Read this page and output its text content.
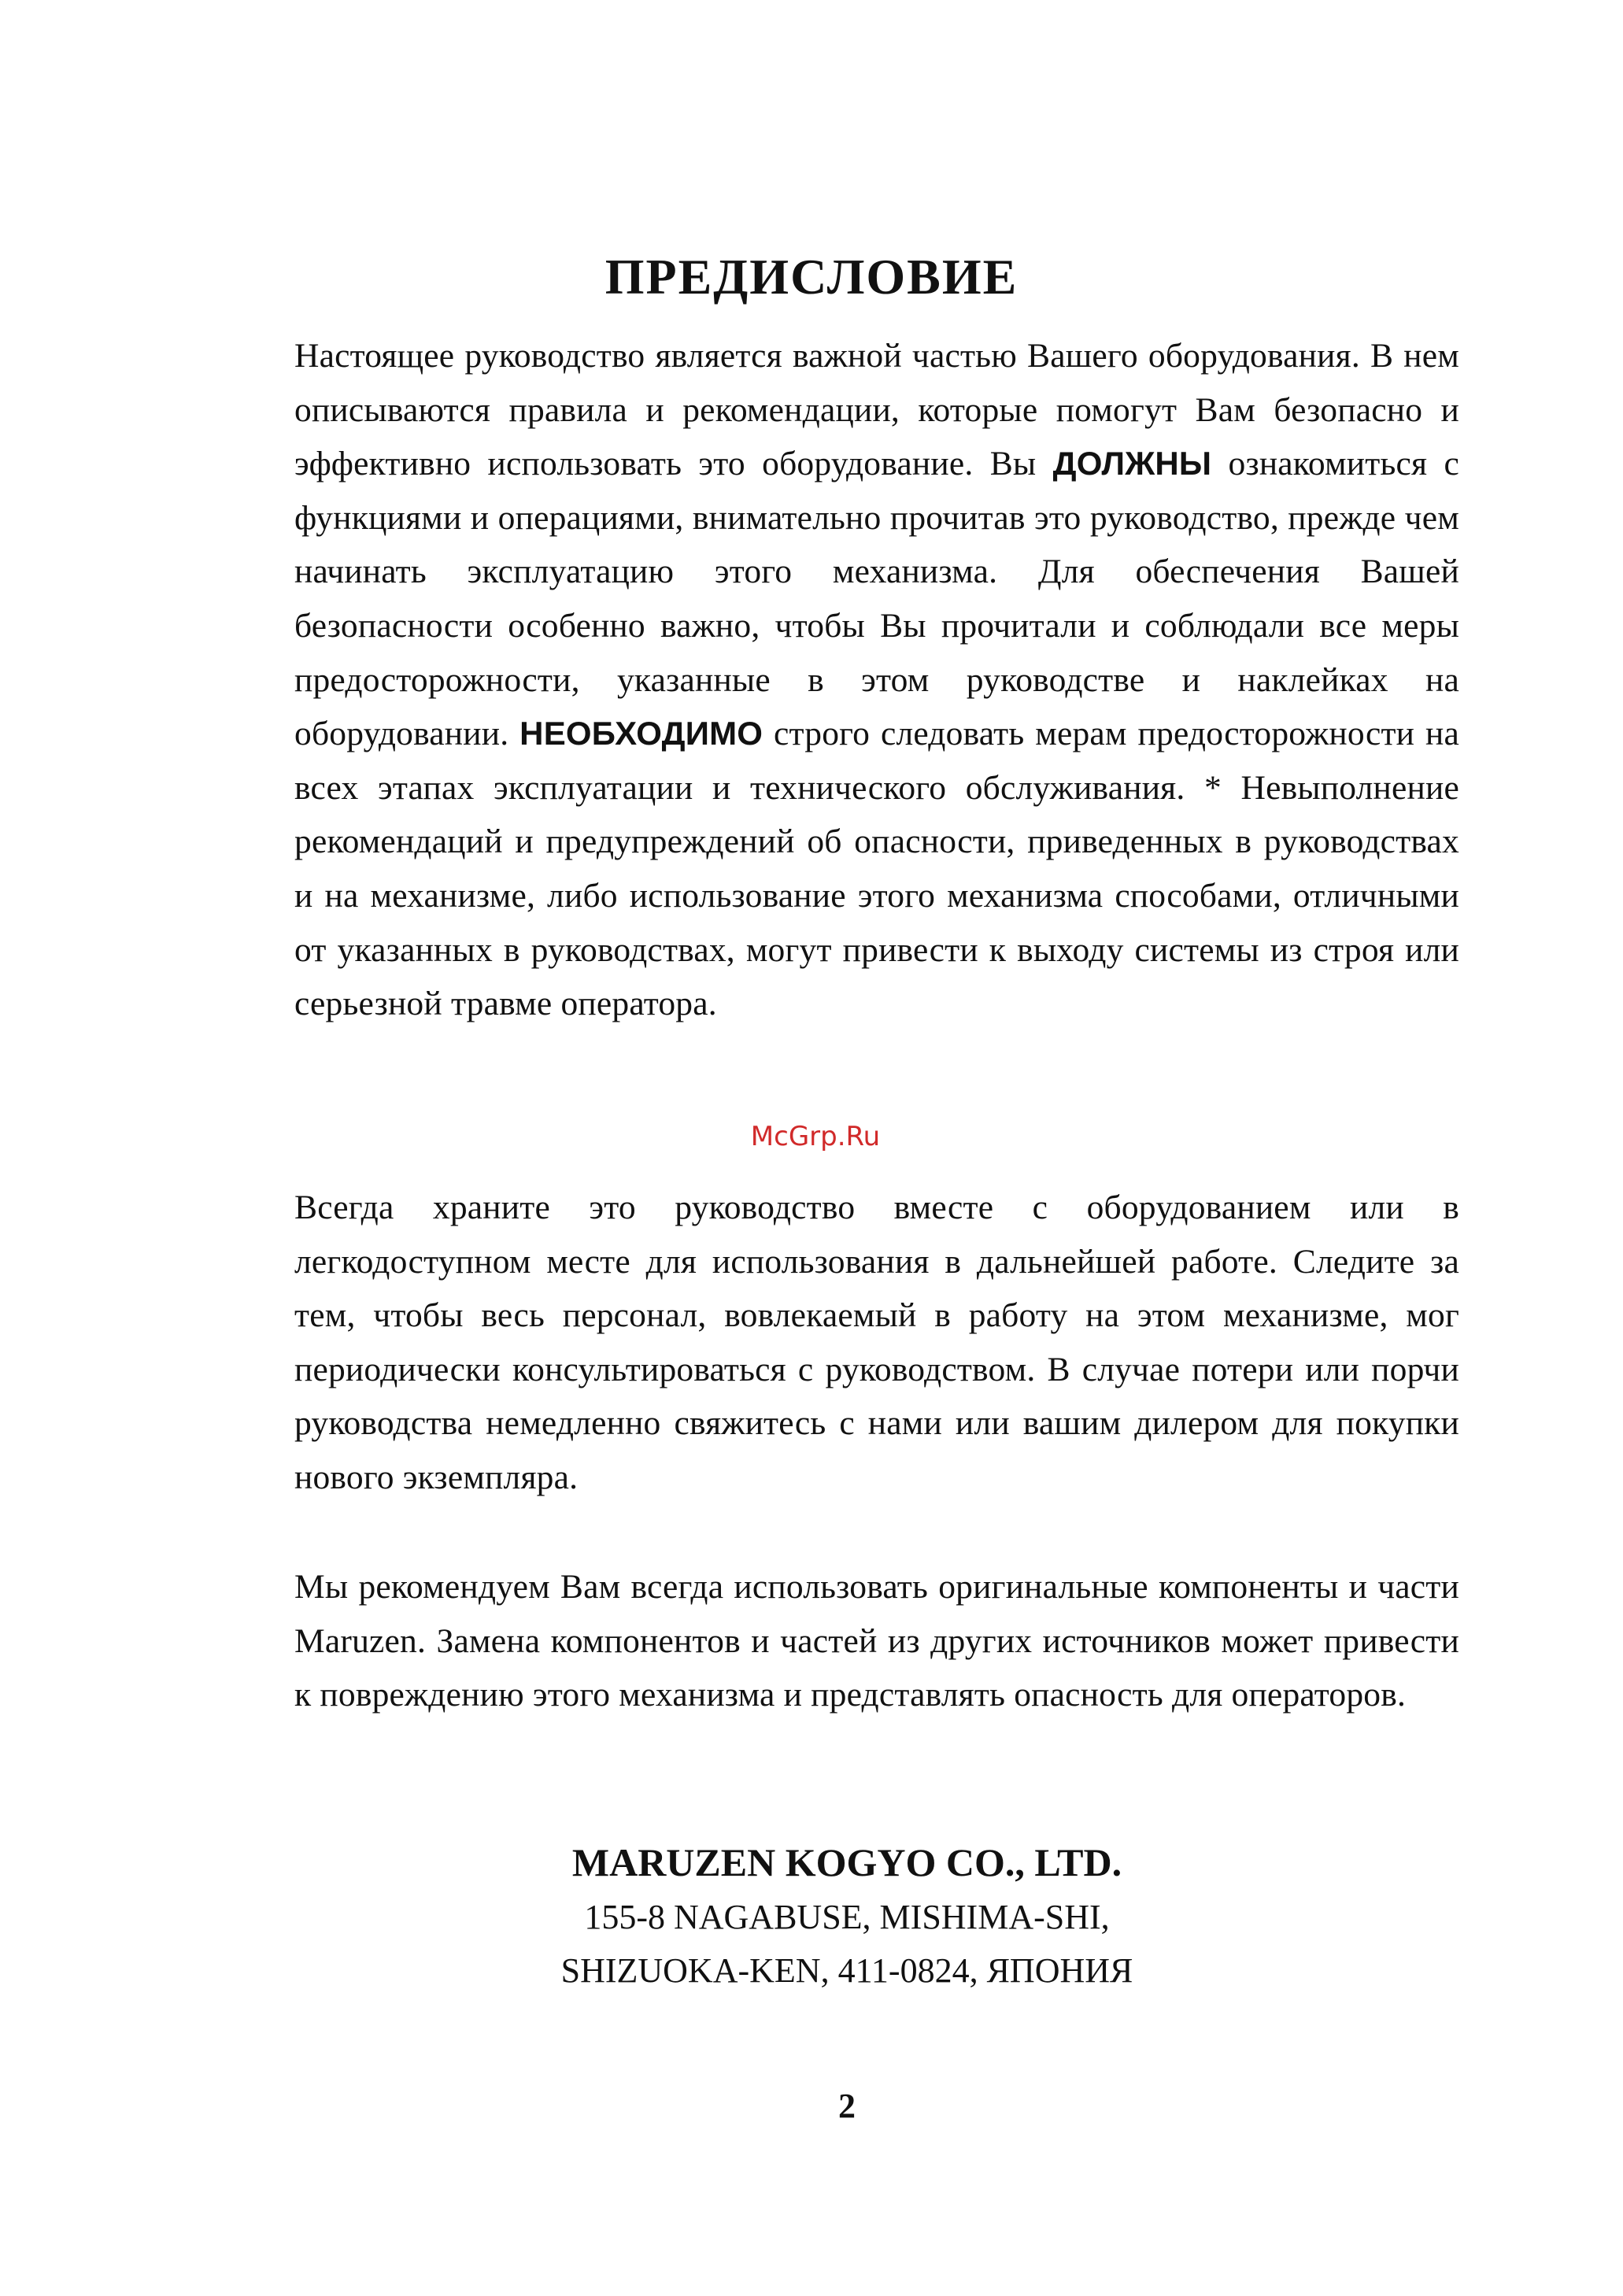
ПРЕДИСЛОВИЕ

Настоящее руководство является важной частью Вашего оборудования. В нем описываются правила и рекомендации, которые помогут Вам безопасно и эффективно использовать это оборудование. Вы ДОЛЖНЫ ознакомиться с функциями и операциями, внимательно прочитав это руководство, прежде чем начинать эксплуатацию этого механизма. Для обеспечения Вашей безопасности особенно важно, чтобы Вы прочитали и соблюдали все меры предосторожности, указанные в этом руководстве и наклейках на оборудовании. НЕОБХОДИМО строго следовать мерам предосторожности на всех этапах эксплуатации и технического обслуживания. * Невыполнение рекомендаций и предупреждений об опасности, приведенных в руководствах и на механизме, либо использование этого механизма способами, отличными от указанных в руководствах, могут привести к выходу системы из строя или серьезной травме оператора.

McGrp.Ru

Всегда храните это руководство вместе с оборудованием или в легкодоступном месте для использования в дальнейшей работе. Следите за тем, чтобы весь персонал, вовлекаемый в работу на этом механизме, мог периодически консультироваться с руководством. В случае потери или порчи руководства немедленно свяжитесь с нами или вашим дилером для покупки нового экземпляра.

Мы рекомендуем Вам всегда использовать оригинальные компоненты и части Maruzen. Замена компонентов и частей из других источников может привести к повреждению этого механизма и представлять опасность для операторов.

MARUZEN KOGYO CO., LTD.

155-8 NAGABUSE, MISHIMA-SHI,

SHIZUOKA-KEN, 411-0824, ЯПОНИЯ

2
